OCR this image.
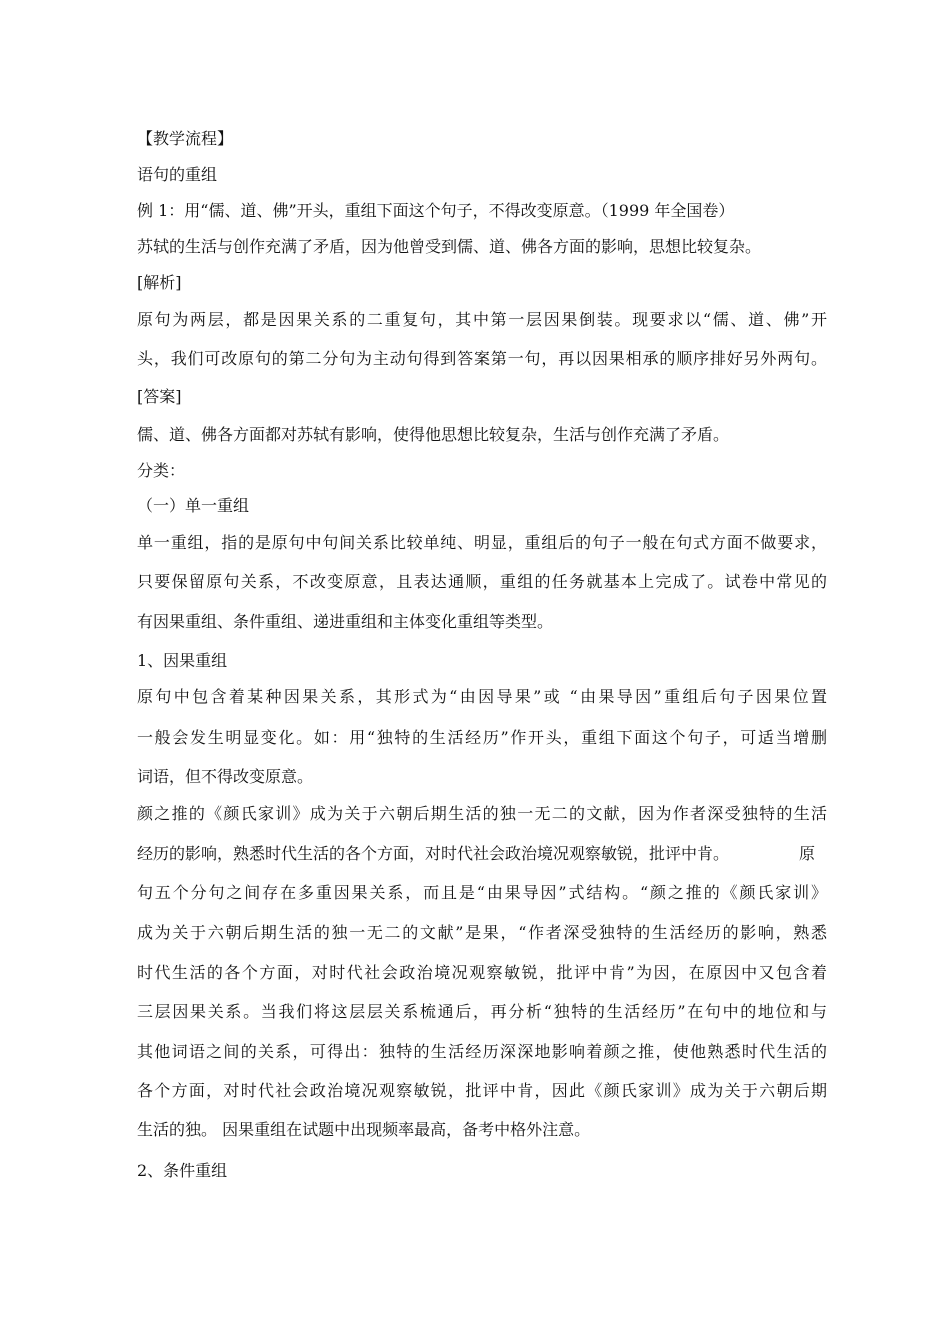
【教学流程】
语句的重组
例 1：用“儒、道、佛”开头，重组下面这个句子，不得改变原意。（1999 年全国卷）
苏轼的生活与创作充满了矛盾，因为他曾受到儒、道、佛各方面的影响，思想比较复杂。
[解析]
原句为两层，都是因果关系的二重复句，其中第一层因果倒装。现要求以“儒、道、佛”开
头，我们可改原句的第二分句为主动句得到答案第一句，再以因果相承的顺序排好另外两句。
[答案]
儒、道、佛各方面都对苏轼有影响，使得他思想比较复杂，生活与创作充满了矛盾。
分类：
（一）单一重组
单一重组，指的是原句中句间关系比较单纯、明显，重组后的句子一般在句式方面不做要求，
只要保留原句关系，不改变原意，且表达通顺，重组的任务就基本上完成了。试卷中常见的
有因果重组、条件重组、递进重组和主体变化重组等类型。
1、因果重组
原句中包含着某种因果关系，其形式为“由因导果”或 “由果导因”重组后句子因果位置
一般会发生明显变化。如：用“独特的生活经历”作开头，重组下面这个句子，可适当增删
词语，但不得改变原意。
颜之推的《颜氏家训》成为关于六朝后期生活的独一无二的文献，因为作者深受独特的生活
经历的影响，熟悉时代生活的各个方面，对时代社会政治境况观察敏锐，批评中肯。	原
句五个分句之间存在多重因果关系，而且是“由果导因”式结构。“颜之推的《颜氏家训》
成为关于六朝后期生活的独一无二的文献”是果，“作者深受独特的生活经历的影响，熟悉
时代生活的各个方面，对时代社会政治境况观察敏锐，批评中肯”为因，在原因中又包含着
三层因果关系。当我们将这层层关系梳通后，再分析“独特的生活经历”在句中的地位和与
其他词语之间的关系，可得出：独特的生活经历深深地影响着颜之推，使他熟悉时代生活的
各个方面，对时代社会政治境况观察敏锐，批评中肯，因此《颜氏家训》成为关于六朝后期
生活的独。 因果重组在试题中出现频率最高，备考中格外注意。
2、条件重组
